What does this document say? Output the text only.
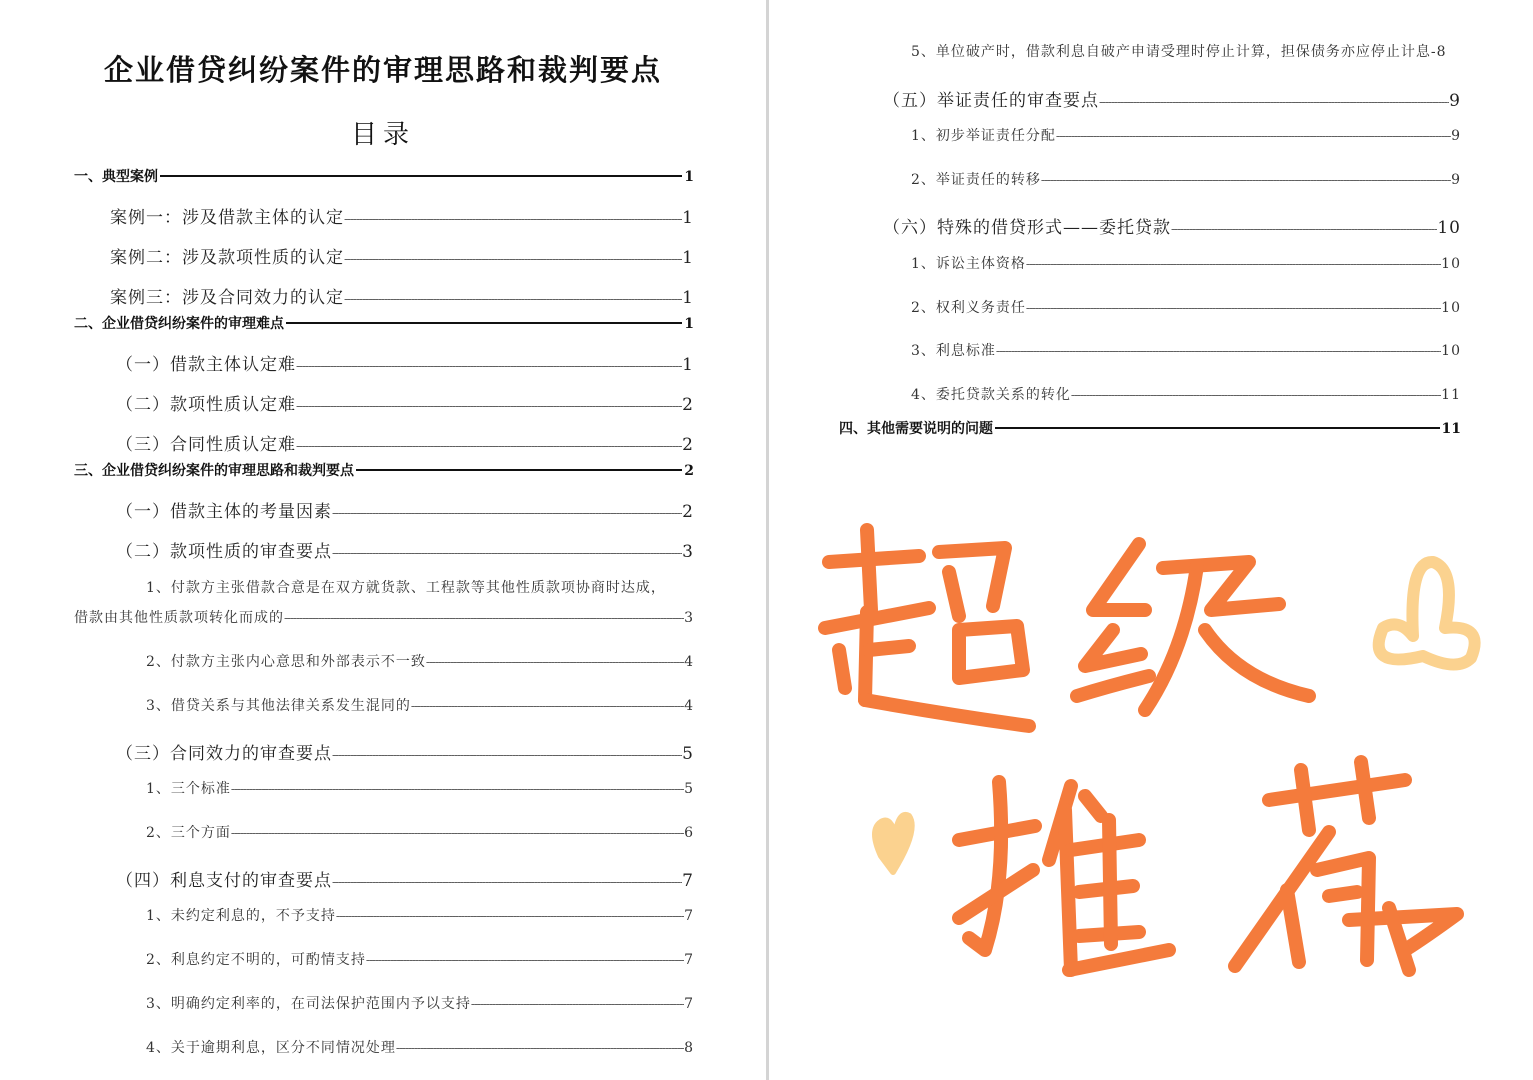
企业借贷纠纷案件的审理思路和裁判要点
目录
一、典型案例	1
案例一：涉及借款主体的认定 -----	1
案例二：涉及款项性质的认定 -----	1
案例三：涉及合同效力的认定 -----	1
二、企业借贷纠纷案件的审理难点	1
（一）借款主体认定难 -----	1
（二）款项性质认定难 -----	2
（三）合同性质认定难 -----	2
三、企业借贷纠纷案件的审理思路和裁判要点	2
（一）借款主体的考量因素 -----	2
（二）款项性质的审查要点 -----	3
1、付款方主张借款合意是在双方就货款、工程款等其他性质款项协商时达成，
借款由其他性质款项转化而成的 -----	3
2、付款方主张内心意思和外部表示不一致 -----	4
3、借贷关系与其他法律关系发生混同的 -----	4
（三）合同效力的审查要点 -----	5
1、三个标准 -----	5
2、三个方面 -----	6
（四）利息支付的审查要点 -----	7
1、未约定利息的，不予支持 -----	7
2、利息约定不明的，可酌情支持 -----	7
3、明确约定利率的，在司法保护范围内予以支持 -----	7
4、关于逾期利息，区分不同情况处理 -----	8
5、单位破产时，借款利息自破产申请受理时停止计算，担保债务亦应停止计息 -8
（五）举证责任的审查要点 -----	9
1、初步举证责任分配 -----	9
2、举证责任的转移 -----	9
（六）特殊的借贷形式——委托贷款 -----	10
1、诉讼主体资格 -----	10
2、权利义务责任 -----	10
3、利息标准 -----	10
4、委托贷款关系的转化 -----	11
四、其他需要说明的问题	11
